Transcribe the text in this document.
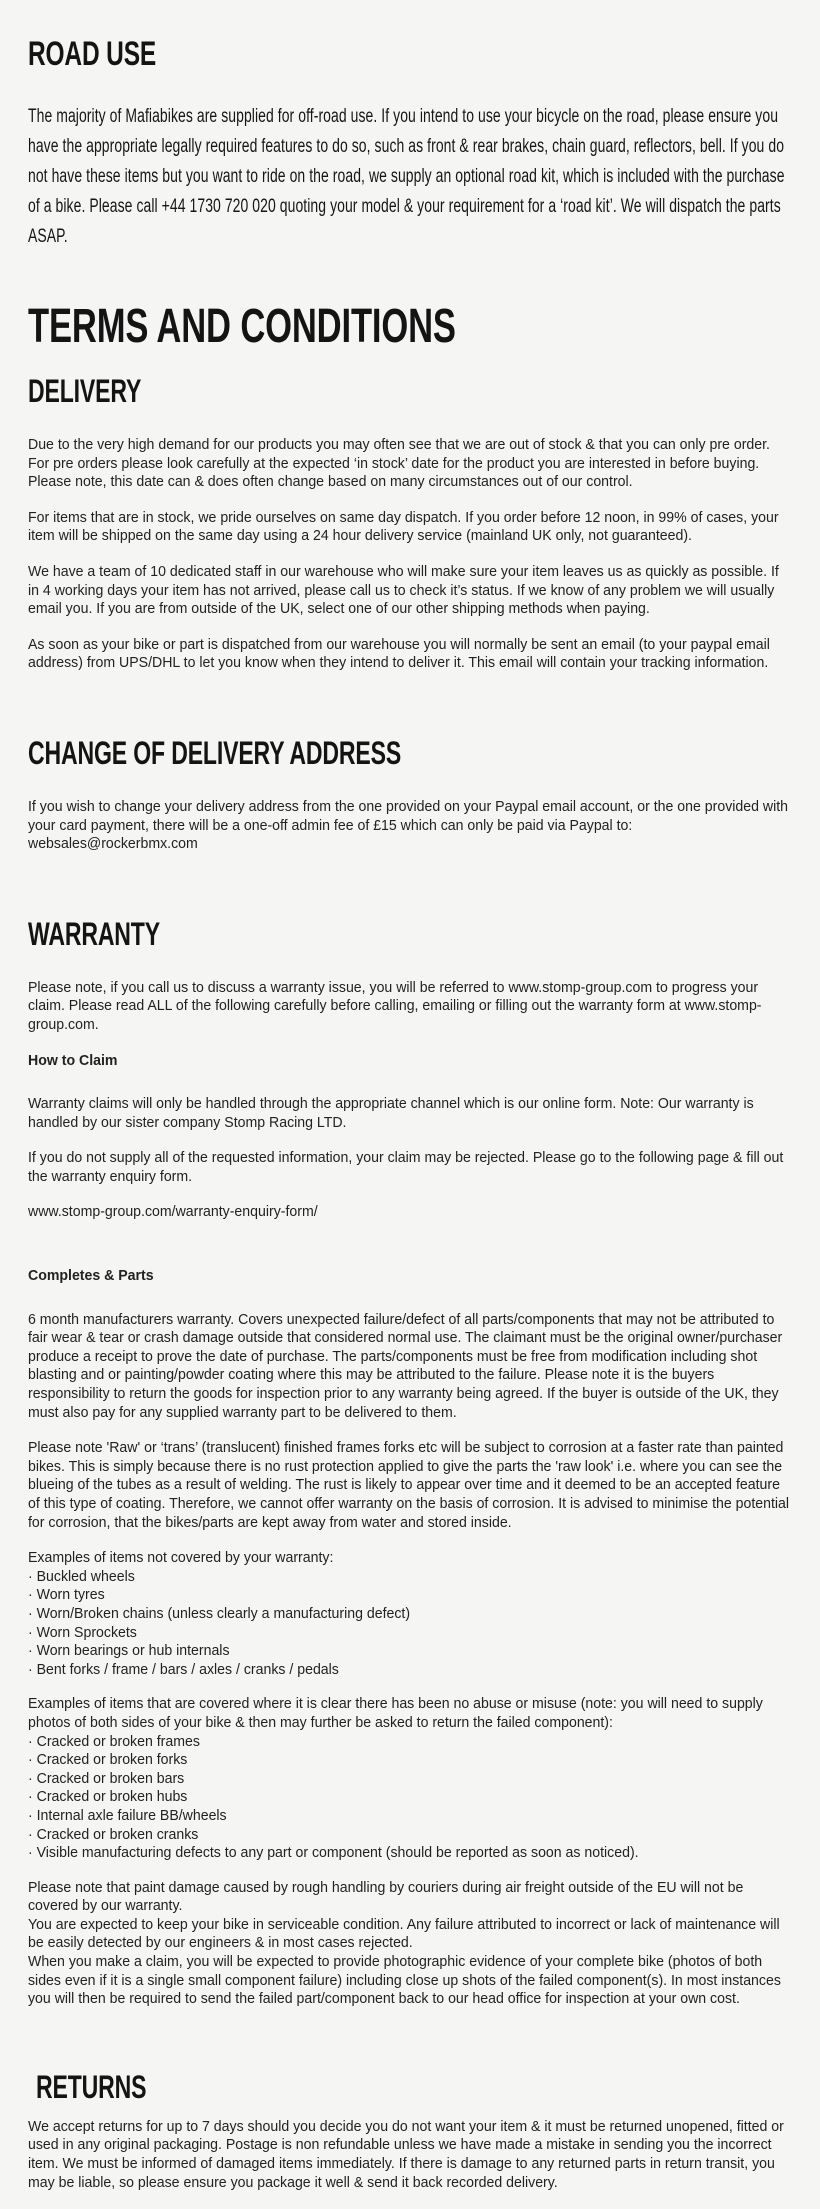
ROAD USE

The majority of Mafiabikes are supplied for off-road use. If you intend to use your bicycle on the road, please ensure you have the appropriate legally required features to do so, such as front & rear brakes, chain guard, reflectors, bell. If you do not have these items but you want to ride on the road, we supply an optional road kit, which is included with the purchase of a bike. Please call +44 1730 720 020 quoting your model & your requirement for a ‘road kit’. We will dispatch the parts ASAP.

TERMS AND CONDITIONS
DELIVERY

Due to the very high demand for our products you may often see that we are out of stock & that you can only pre order. For pre orders please look carefully at the expected ‘in stock’ date for the product you are interested in before buying. Please note, this date can & does often change based on many circumstances out of our control.

For items that are in stock, we pride ourselves on same day dispatch. If you order before 12 noon, in 99% of cases, your item will be shipped on the same day using a 24 hour delivery service (mainland UK only, not guaranteed).

We have a team of 10 dedicated staff in our warehouse who will make sure your item leaves us as quickly as possible. If in 4 working days your item has not arrived, please call us to check it’s status. If we know of any problem we will usually email you. If you are from outside of the UK, select one of our other shipping methods when paying.

As soon as your bike or part is dispatched from our warehouse you will normally be sent an email (to your paypal email address) from UPS/DHL to let you know when they intend to deliver it. This email will contain your tracking information.

CHANGE OF DELIVERY ADDRESS

If you wish to change your delivery address from the one provided on your Paypal email account, or the one provided with your card payment, there will be a one-off admin fee of £15 which can only be paid via Paypal to: websales@rockerbmx.com

WARRANTY

Please note, if you call us to discuss a warranty issue, you will be referred to www.stomp-group.com to progress your claim. Please read ALL of the following carefully before calling, emailing or filling out the warranty form at www.stomp-group.com.

How to Claim

Warranty claims will only be handled through the appropriate channel which is our online form. Note: Our warranty is handled by our sister company Stomp Racing LTD.

If you do not supply all of the requested information, your claim may be rejected. Please go to the following page & fill out the warranty enquiry form.

www.stomp-group.com/warranty-enquiry-form/

Completes & Parts

6 month manufacturers warranty. Covers unexpected failure/defect of all parts/components that may not be attributed to fair wear & tear or crash damage outside that considered normal use. The claimant must be the original owner/purchaser produce a receipt to prove the date of purchase. The parts/components must be free from modification including shot blasting and or painting/powder coating where this may be attributed to the failure. Please note it is the buyers responsibility to return the goods for inspection prior to any warranty being agreed. If the buyer is outside of the UK, they must also pay for any supplied warranty part to be delivered to them.

Please note 'Raw' or ‘trans’ (translucent) finished frames forks etc will be subject to corrosion at a faster rate than painted bikes. This is simply because there is no rust protection applied to give the parts the 'raw look' i.e. where you can see the blueing of the tubes as a result of welding. The rust is likely to appear over time and it deemed to be an accepted feature of this type of coating. Therefore, we cannot offer warranty on the basis of corrosion. It is advised to minimise the potential for corrosion, that the bikes/parts are kept away from water and stored inside.

Examples of items not covered by your warranty:

· Buckled wheels
· Worn tyres
· Worn/Broken chains (unless clearly a manufacturing defect)
· Worn Sprockets
· Worn bearings or hub internals
· Bent forks / frame / bars / axles / cranks / pedals

Examples of items that are covered where it is clear there has been no abuse or misuse (note: you will need to supply photos of both sides of your bike & then may further be asked to return the failed component):

· Cracked or broken frames
· Cracked or broken forks
· Cracked or broken bars
· Cracked or broken hubs
· Internal axle failure BB/wheels
· Cracked or broken cranks
· Visible manufacturing defects to any part or component (should be reported as soon as noticed).

Please note that paint damage caused by rough handling by couriers during air freight outside of the EU will not be covered by our warranty.

You are expected to keep your bike in serviceable condition. Any failure attributed to incorrect or lack of maintenance will be easily detected by our engineers & in most cases rejected.

When you make a claim, you will be expected to provide photographic evidence of your complete bike (photos of both sides even if it is a single small component failure) including close up shots of the failed component(s). In most instances you will then be required to send the failed part/component back to our head office for inspection at your own cost.

RETURNS

We accept returns for up to 7 days should you decide you do not want your item & it must be returned unopened, fitted or used in any original packaging. Postage is non refundable unless we have made a mistake in sending you the incorrect item. We must be informed of damaged items immediately. If there is damage to any returned parts in return transit, you may be liable, so please ensure you package it well & send it back recorded delivery.
